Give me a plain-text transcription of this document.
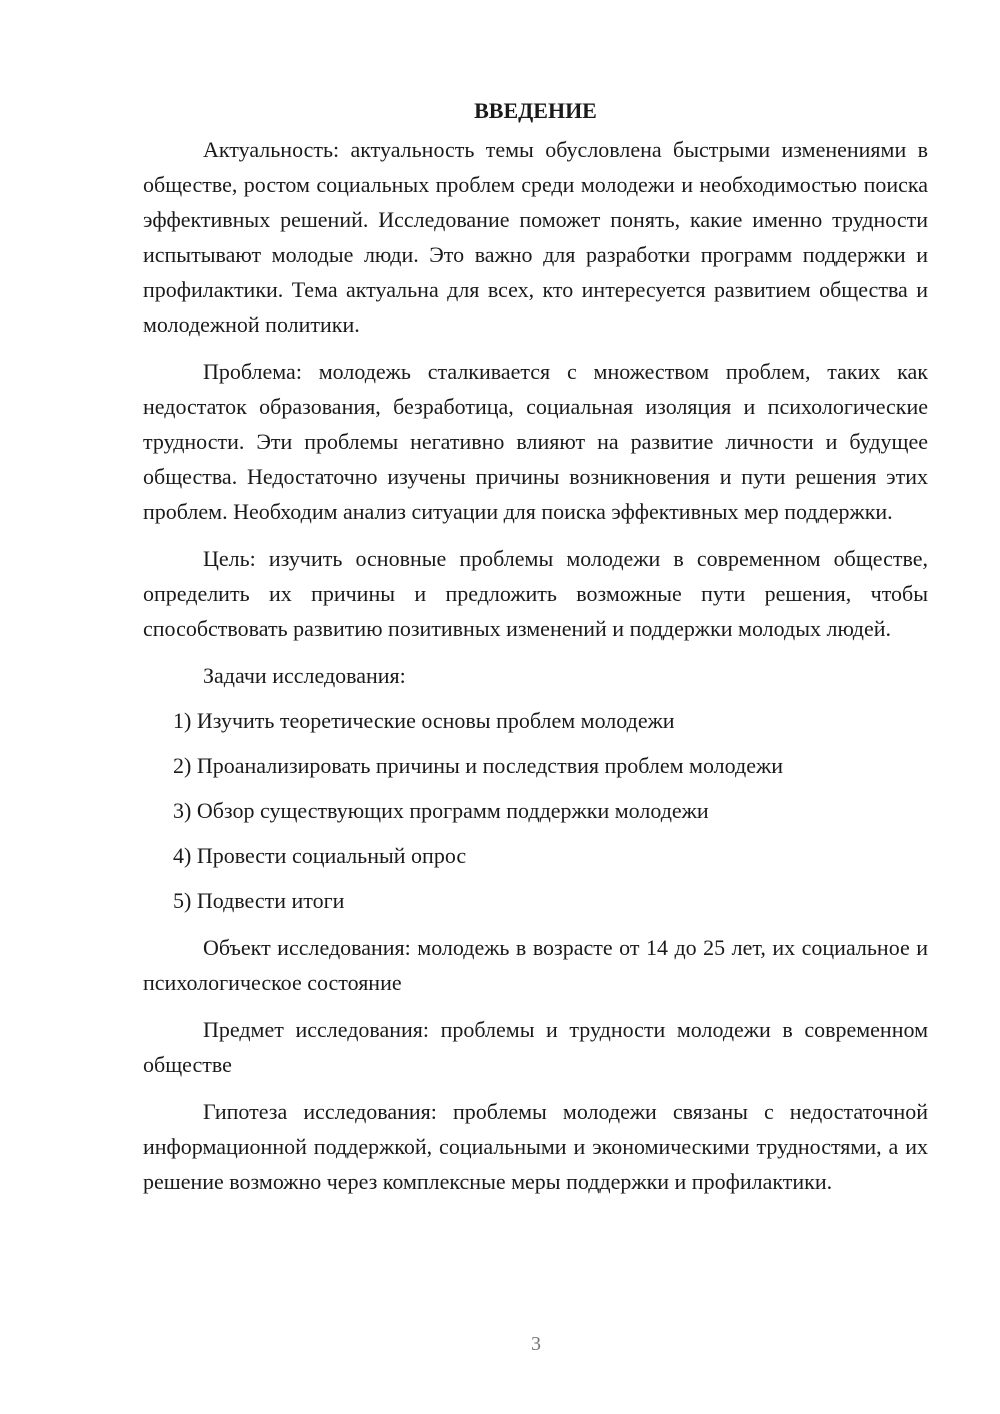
ВВЕДЕНИЕ

Актуальность: актуальность темы обусловлена быстрыми изменениями в обществе, ростом социальных проблем среди молодежи и необходимостью поиска эффективных решений. Исследование поможет понять, какие именно трудности испытывают молодые люди. Это важно для разработки программ поддержки и профилактики. Тема актуальна для всех, кто интересуется развитием общества и молодежной политики.

Проблема: молодежь сталкивается с множеством проблем, таких как недостаток образования, безработица, социальная изоляция и психологические трудности. Эти проблемы негативно влияют на развитие личности и будущее общества. Недостаточно изучены причины возникновения и пути решения этих проблем. Необходим анализ ситуации для поиска эффективных мер поддержки.

Цель: изучить основные проблемы молодежи в современном обществе, определить их причины и предложить возможные пути решения, чтобы способствовать развитию позитивных изменений и поддержки молодых людей.

Задачи исследования:

1) Изучить теоретические основы проблем молодежи
2) Проанализировать причины и последствия проблем молодежи
3) Обзор существующих программ поддержки молодежи
4) Провести социальный опрос
5) Подвести итоги

Объект исследования: молодежь в возрасте от 14 до 25 лет, их социальное и психологическое состояние

Предмет исследования: проблемы и трудности молодежи в современном обществе

Гипотеза исследования: проблемы молодежи связаны с недостаточной информационной поддержкой, социальными и экономическими трудностями, а их решение возможно через комплексные меры поддержки и профилактики.

3
